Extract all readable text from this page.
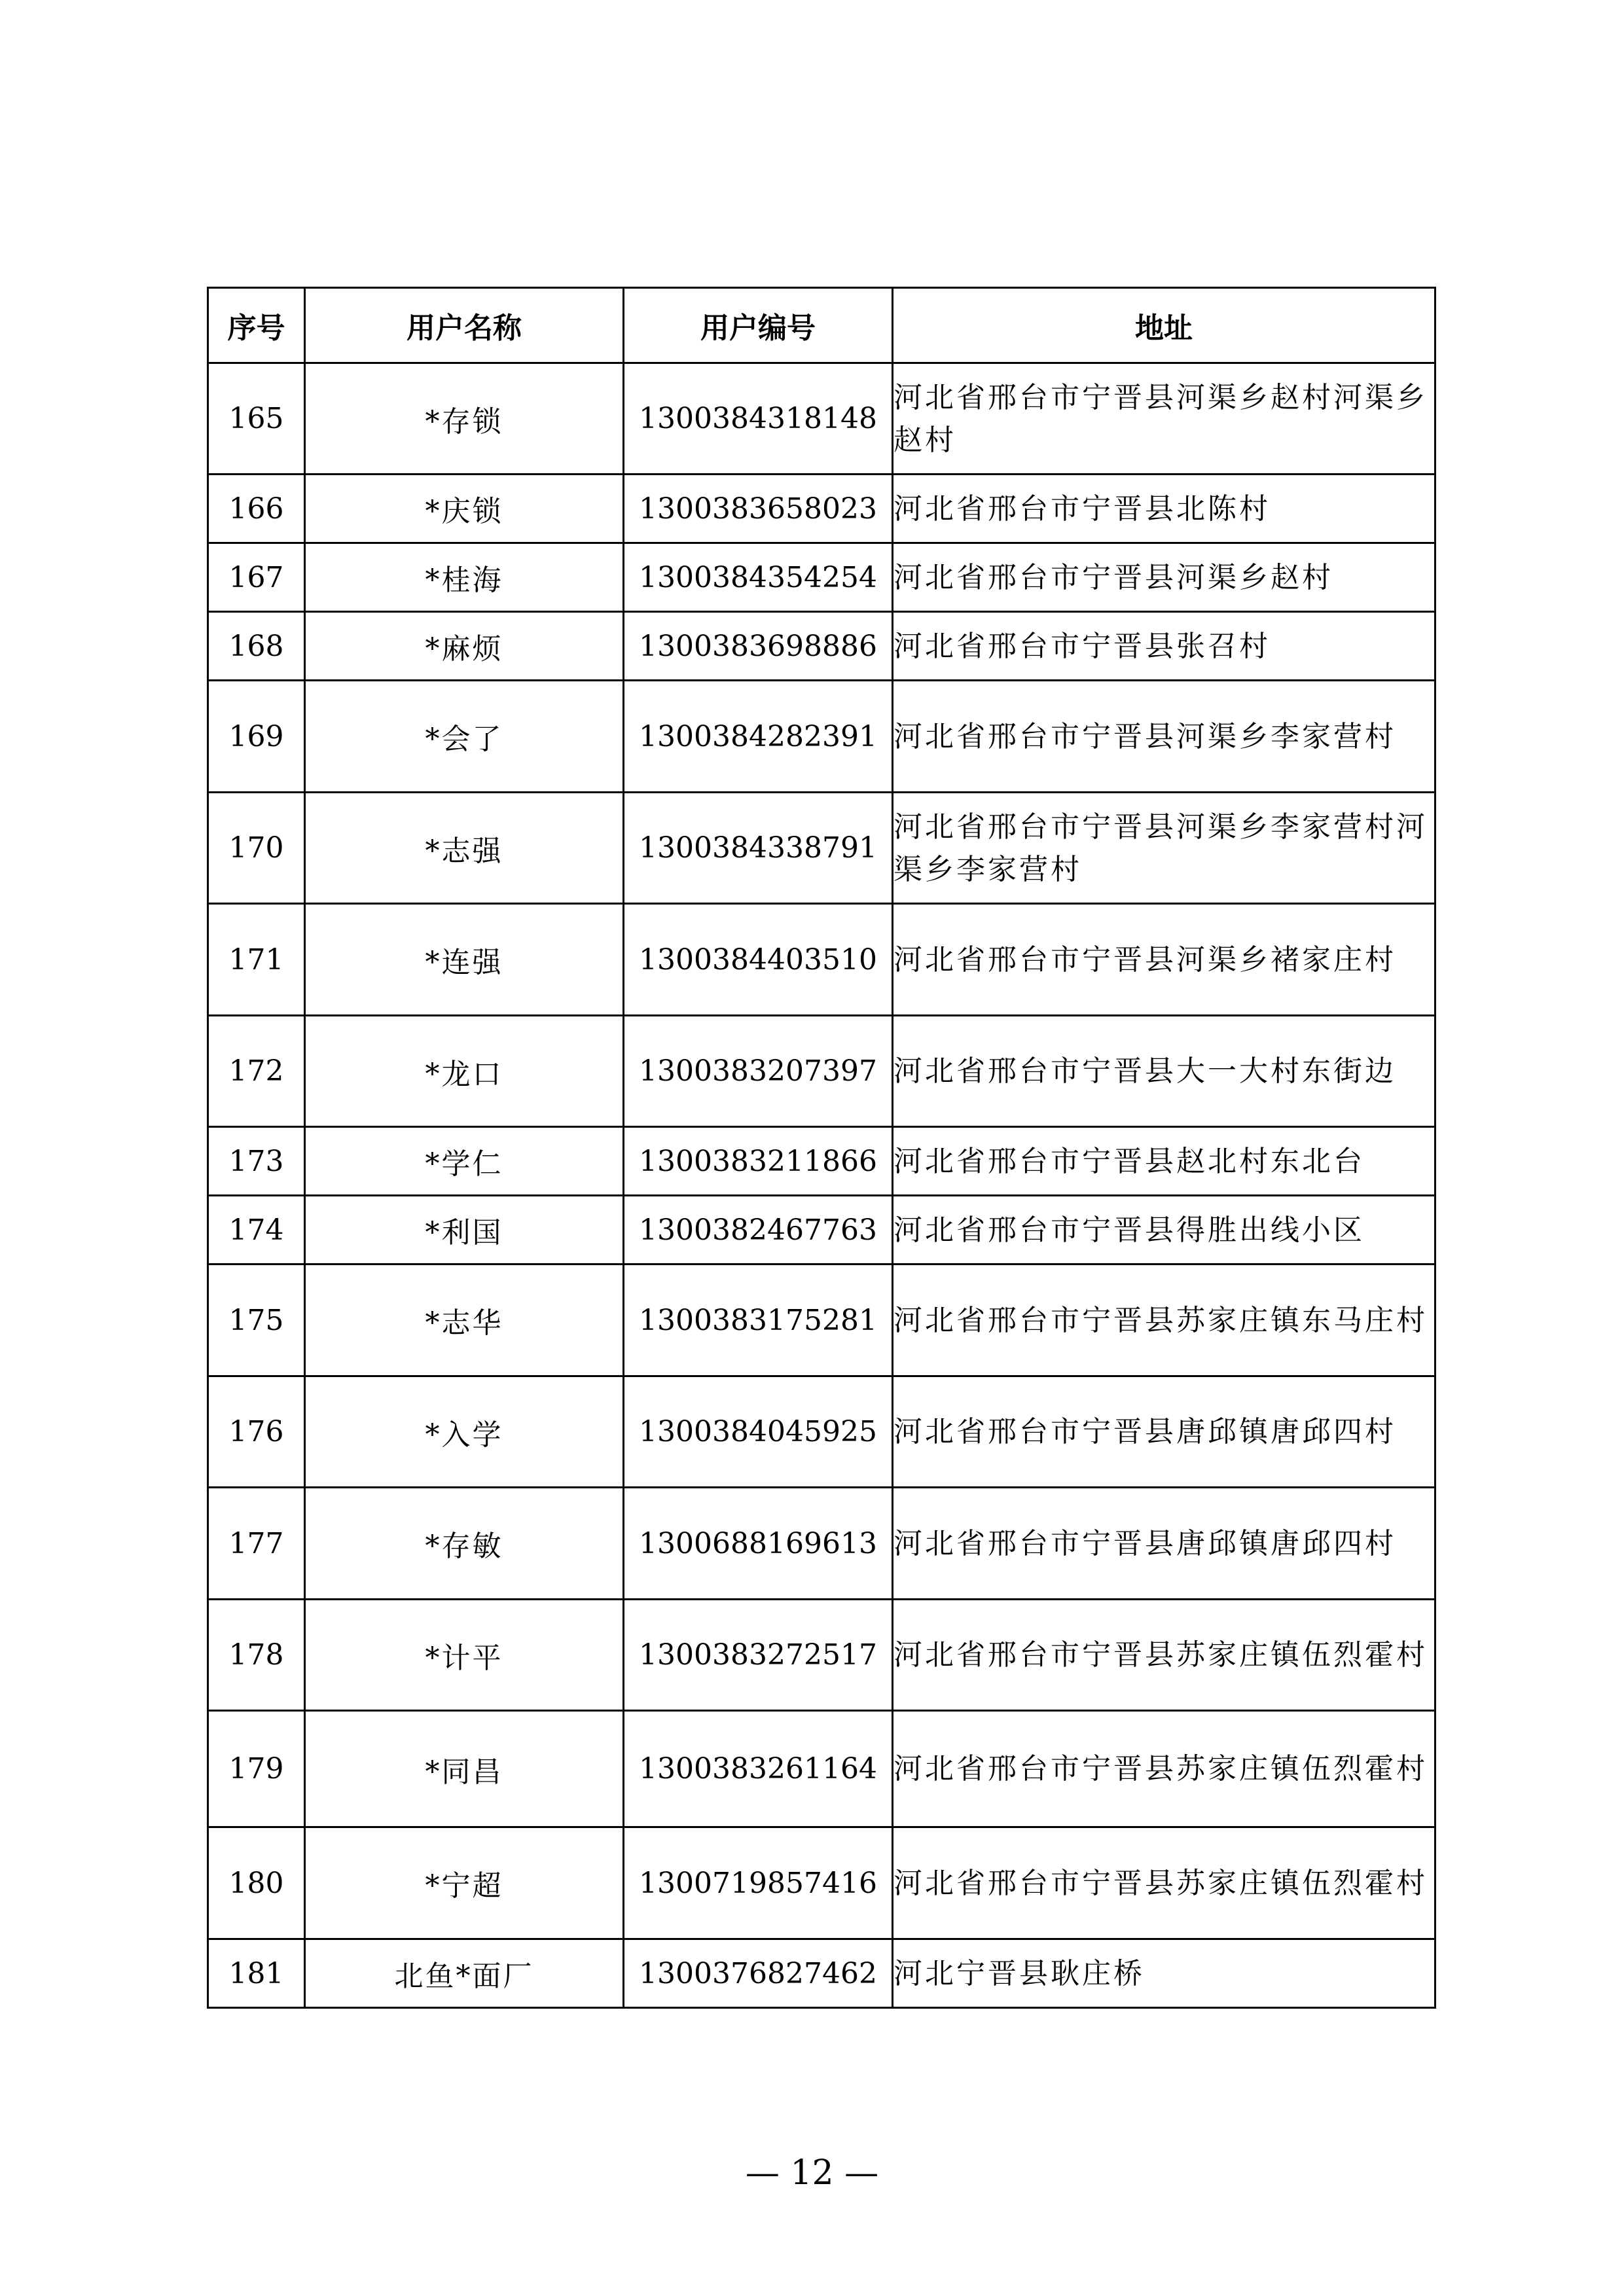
序号	用户名称	用户编号	地址
165	*存锁	1300384318148	河北省邢台市宁晋县河渠乡赵村河渠乡赵村
166	*庆锁	1300383658023	河北省邢台市宁晋县北陈村
167	*桂海	1300384354254	河北省邢台市宁晋县河渠乡赵村
168	*麻烦	1300383698886	河北省邢台市宁晋县张召村
169	*会了	1300384282391	河北省邢台市宁晋县河渠乡李家营村
170	*志强	1300384338791	河北省邢台市宁晋县河渠乡李家营村河渠乡李家营村
171	*连强	1300384403510	河北省邢台市宁晋县河渠乡褚家庄村
172	*龙口	1300383207397	河北省邢台市宁晋县大一大村东街边
173	*学仁	1300383211866	河北省邢台市宁晋县赵北村东北台
174	*利国	1300382467763	河北省邢台市宁晋县得胜出线小区
175	*志华	1300383175281	河北省邢台市宁晋县苏家庄镇东马庄村
176	*入学	1300384045925	河北省邢台市宁晋县唐邱镇唐邱四村
177	*存敏	1300688169613	河北省邢台市宁晋县唐邱镇唐邱四村
178	*计平	1300383272517	河北省邢台市宁晋县苏家庄镇伍烈霍村
179	*同昌	1300383261164	河北省邢台市宁晋县苏家庄镇伍烈霍村
180	*宁超	1300719857416	河北省邢台市宁晋县苏家庄镇伍烈霍村
181	北鱼*面厂	1300376827462	河北宁晋县耿庄桥
— 12 —
